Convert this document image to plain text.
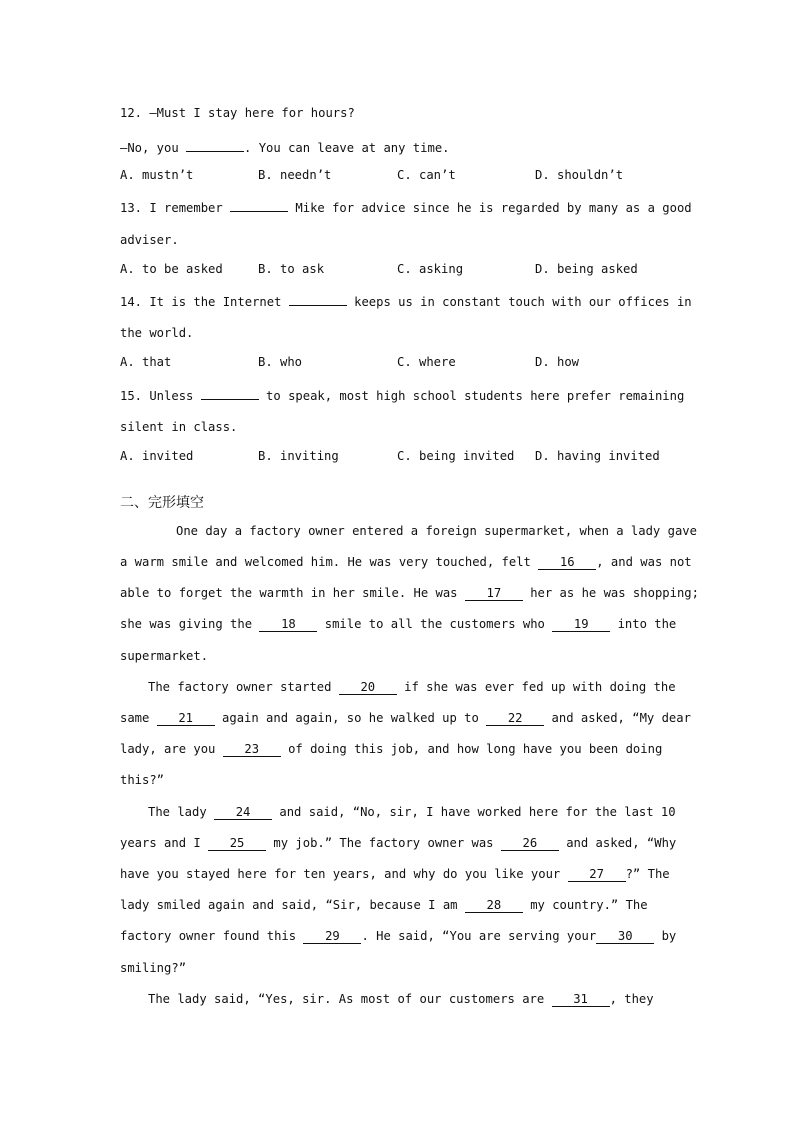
12. —Must I stay here for hours?
—No, you	. You can leave at any time.
A. mustn’t	B. needn’t	C. can’t	D. shouldn’t
13. I remember	Mike for advice since he is regarded by many as a good
adviser.
A. to be asked	B. to ask	C. asking	D. being asked
14. It is the Internet	keeps us in constant touch with our offices in
the world.
A. that	B. who	C. where	D. how
15. Unless	to speak, most high school students here prefer remaining
silent in class.
A. invited	B. inviting	C. being invited D. having invited
二、完形填空
One day a factory owner entered a foreign supermarket, when a lady gave
a warm smile and welcomed him. He was very touched, felt 16 , and was not
able to forget the warmth in her smile. He was 17 her as he was shopping;
she was giving the 18 smile to all the customers who 19 into the
supermarket.
The factory owner started 20 if she was ever fed up with doing the
same 21 again and again, so he walked up to 22 and asked, “My dear
lady, are you 23 of doing this job, and how long have you been doing
this?”
The lady 24 and said, “No, sir, I have worked here for the last 10
years and I 25 my job.” The factory owner was 26 and asked, “Why
have you stayed here for ten years, and why do you like your 27 ?” The
lady smiled again and said, “Sir, because I am 28 my country.” The
factory owner found this 29 . He said, “You are serving your 30 by
smiling?”
The lady said, “Yes, sir. As most of our customers are 31 , they
